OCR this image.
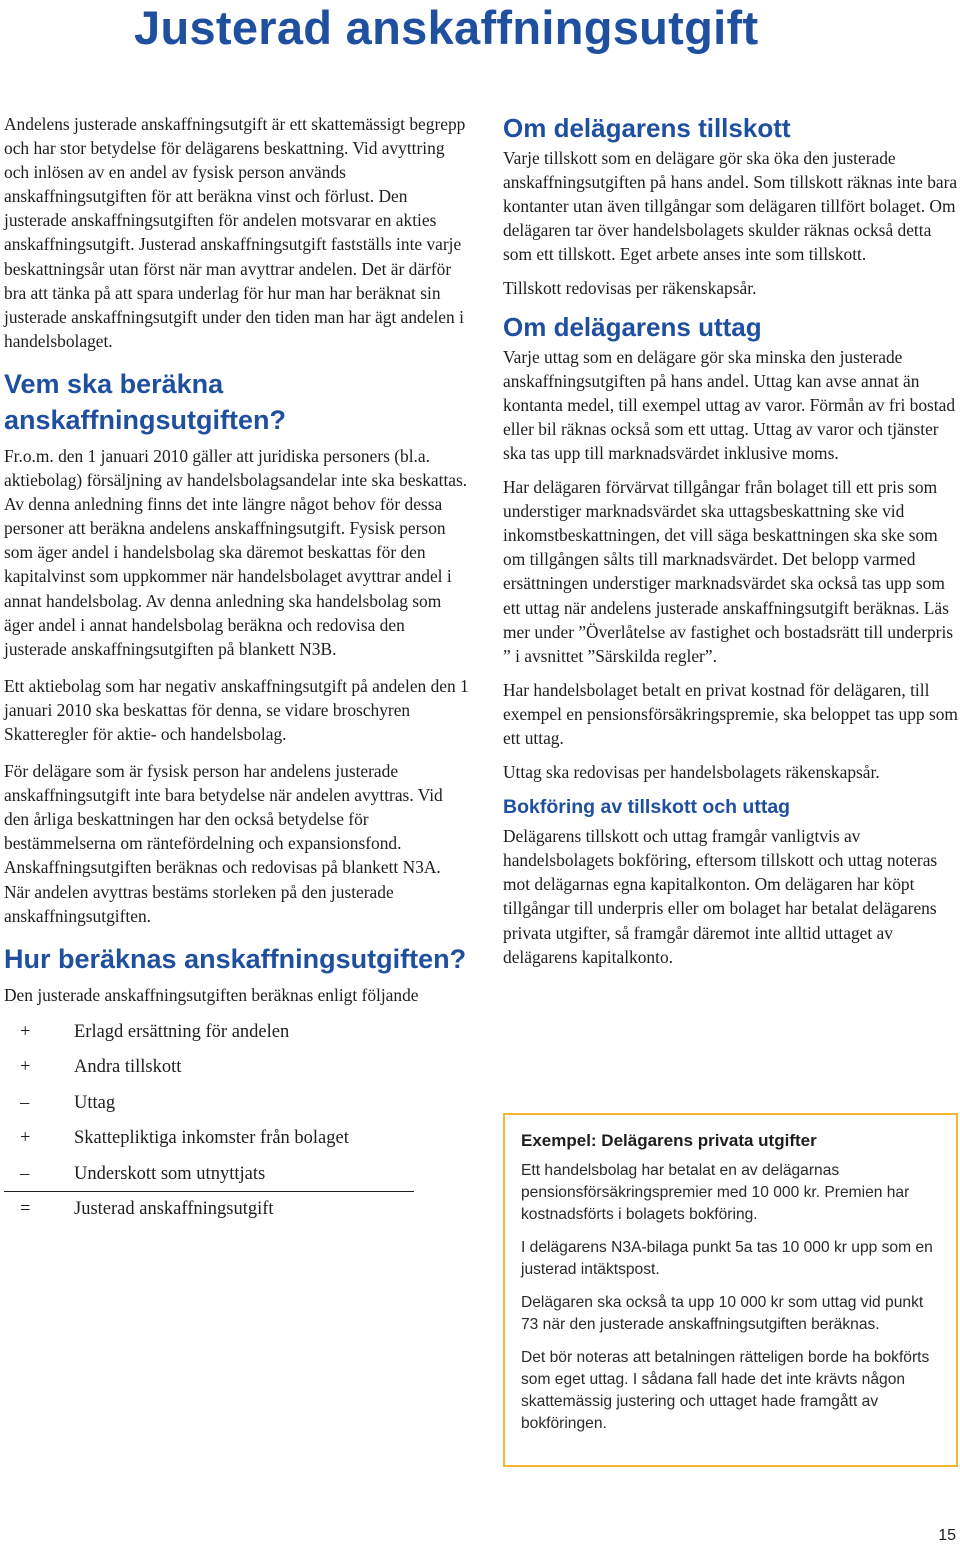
Justerad anskaffningsutgift

Andelens justerade anskaffningsutgift är ett skattemässigt begrepp och har stor betydelse för delägarens beskattning. Vid avyttring och inlösen av en andel av fysisk person används anskaffningsutgiften för att beräkna vinst och förlust. Den justerade anskaffningsutgiften för andelen motsvarar en akties anskaffningsutgift. Justerad anskaffningsutgift fastställs inte varje beskattningsår utan först när man avyttrar andelen. Det är därför bra att tänka på att spara underlag för hur man har beräknat sin justerade anskaffningsutgift under den tiden man har ägt andelen i handelsbolaget.

Vem ska beräkna anskaffningsutgiften?

Fr.o.m. den 1 januari 2010 gäller att juridiska personers (bl.a. aktiebolag) försäljning av handelsbolagsandelar inte ska beskattas. Av denna anledning finns det inte längre något behov för dessa personer att beräkna andelens anskaffningsutgift. Fysisk person som äger andel i handelsbolag ska däremot beskattas för den kapitalvinst som uppkommer när handelsbolaget avyttrar andel i annat handelsbolag. Av denna anledning ska handelsbolag som äger andel i annat handelsbolag beräkna och redovisa den justerade anskaffningsutgiften på blankett N3B.

Ett aktiebolag som har negativ anskaffningsutgift på andelen den 1 januari 2010 ska beskattas för denna, se vidare broschyren Skatteregler för aktie- och handelsbolag.

För delägare som är fysisk person har andelens justerade anskaffningsutgift inte bara betydelse när andelen avyttras. Vid den årliga beskattningen har den också betydelse för bestämmelserna om räntefördelning och expansionsfond. Anskaffningsutgiften beräknas och redovisas på blankett N3A. När andelen avyttras bestäms storleken på den justerade anskaffningsutgiften.

Hur beräknas anskaffningsutgiften?

Den justerade anskaffningsutgiften beräknas enligt följande

+	Erlagd ersättning för andelen
+	Andra tillskott
–	Uttag
+	Skattepliktiga inkomster från bolaget
–	Underskott som utnyttjats
=	Justerad anskaffningsutgift
Om delägarens tillskott

Varje tillskott som en delägare gör ska öka den justerade anskaffningsutgiften på hans andel. Som tillskott räknas inte bara kontanter utan även tillgångar som delägaren tillfört bolaget. Om delägaren tar över handelsbolagets skulder räknas också detta som ett tillskott. Eget arbete anses inte som tillskott.

Tillskott redovisas per räkenskapsår.

Om delägarens uttag

Varje uttag som en delägare gör ska minska den justerade anskaffningsutgiften på hans andel. Uttag kan avse annat än kontanta medel, till exempel uttag av varor. Förmån av fri bostad eller bil räknas också som ett uttag. Uttag av varor och tjänster ska tas upp till marknadsvärdet inklusive moms.

Har delägaren förvärvat tillgångar från bolaget till ett pris som understiger marknadsvärdet ska uttagsbeskattning ske vid inkomstbeskattningen, det vill säga beskattningen ska ske som om tillgången sålts till marknadsvärdet. Det belopp varmed ersättningen understiger marknadsvärdet ska också tas upp som ett uttag när andelens justerade anskaffningsutgift beräknas. Läs mer under ”Överlåtelse av fastighet och bostadsrätt till underpris ” i avsnittet ”Särskilda regler”.

Har handelsbolaget betalt en privat kostnad för delägaren, till exempel en pensionsförsäkringspremie, ska beloppet tas upp som ett uttag.

Uttag ska redovisas per handelsbolagets räkenskapsår.

Bokföring av tillskott och uttag

Delägarens tillskott och uttag framgår vanligtvis av handelsbolagets bokföring, eftersom tillskott och uttag noteras mot delägarnas egna kapitalkonton. Om delägaren har köpt tillgångar till underpris eller om bolaget har betalat delägarens privata utgifter, så framgår däremot inte alltid uttaget av delägarens kapitalkonto.

Exempel: Delägarens privata utgifter

Ett handelsbolag har betalat en av delägarnas pensionsförsäkringspremier med 10 000 kr. Premien har kostnadsförts i bolagets bokföring.

I delägarens N3A-bilaga punkt 5a tas 10 000 kr upp som en justerad intäktspost.

Delägaren ska också ta upp 10 000 kr som uttag vid punkt 73 när den justerade anskaffningsutgiften beräknas.

Det bör noteras att betalningen rätteligen borde ha bokförts som eget uttag. I sådana fall hade det inte krävts någon skattemässig justering och uttaget hade framgått av bokföringen.

15
